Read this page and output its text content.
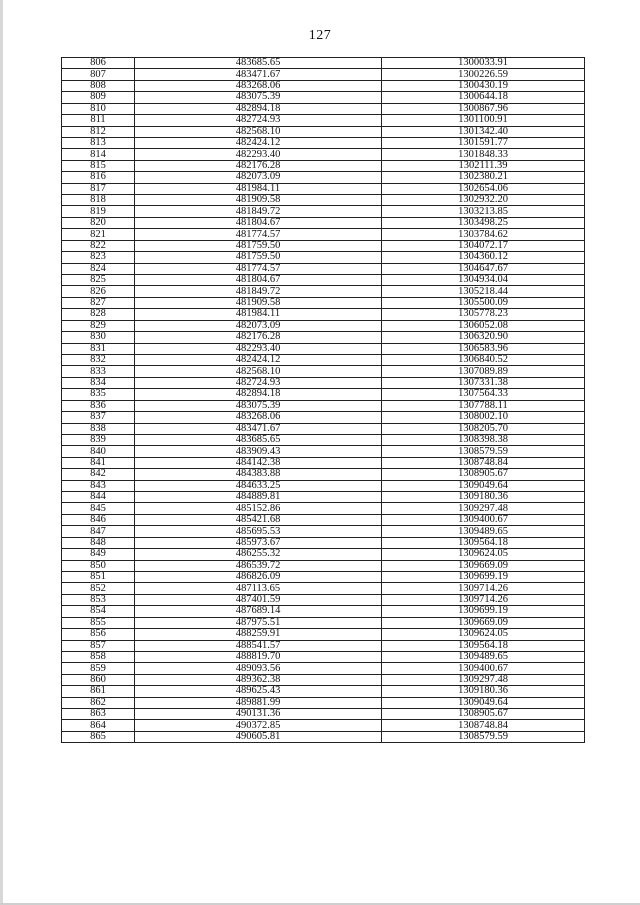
127
806	483685.65	1300033.91
807	483471.67	1300226.59
808	483268.06	1300430.19
809	483075.39	1300644.18
810	482894.18	1300867.96
811	482724.93	1301100.91
812	482568.10	1301342.40
813	482424.12	1301591.77
814	482293.40	1301848.33
815	482176.28	1302111.39
816	482073.09	1302380.21
817	481984.11	1302654.06
818	481909.58	1302932.20
819	481849.72	1303213.85
820	481804.67	1303498.25
821	481774.57	1303784.62
822	481759.50	1304072.17
823	481759.50	1304360.12
824	481774.57	1304647.67
825	481804.67	1304934.04
826	481849.72	1305218.44
827	481909.58	1305500.09
828	481984.11	1305778.23
829	482073.09	1306052.08
830	482176.28	1306320.90
831	482293.40	1306583.96
832	482424.12	1306840.52
833	482568.10	1307089.89
834	482724.93	1307331.38
835	482894.18	1307564.33
836	483075.39	1307788.11
837	483268.06	1308002.10
838	483471.67	1308205.70
839	483685.65	1308398.38
840	483909.43	1308579.59
841	484142.38	1308748.84
842	484383.88	1308905.67
843	484633.25	1309049.64
844	484889.81	1309180.36
845	485152.86	1309297.48
846	485421.68	1309400.67
847	485695.53	1309489.65
848	485973.67	1309564.18
849	486255.32	1309624.05
850	486539.72	1309669.09
851	486826.09	1309699.19
852	487113.65	1309714.26
853	487401.59	1309714.26
854	487689.14	1309699.19
855	487975.51	1309669.09
856	488259.91	1309624.05
857	488541.57	1309564.18
858	488819.70	1309489.65
859	489093.56	1309400.67
860	489362.38	1309297.48
861	489625.43	1309180.36
862	489881.99	1309049.64
863	490131.36	1308905.67
864	490372.85	1308748.84
865	490605.81	1308579.59
